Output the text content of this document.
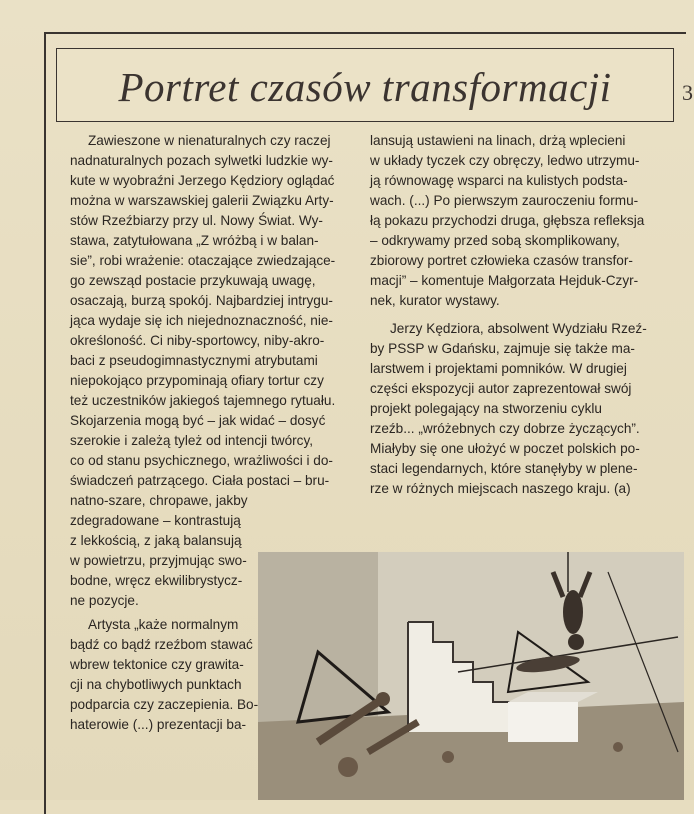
Portret czasów transformacji	3
Zawieszone w nienaturalnych czy raczej
nadnaturalnych pozach sylwetki ludzkie wy-
kute w wyobraźni Jerzego Kędziory oglądać
można w warszawskiej galerii Związku Arty-
stów Rzeźbiarzy przy ul. Nowy Świat. Wy-
stawa, zatytułowana „Z wróżbą i w balan-
sie”, robi wrażenie: otaczające zwiedzające-
go zewsząd postacie przykuwają uwagę,
osaczają, burzą spokój. Najbardziej intrygu-
jąca wydaje się ich niejednoznaczność, nie-
określoność. Ci niby-sportowcy, niby-akro-
baci z pseudogimnastycznymi atrybutami
niepokojąco przypominają ofiary tortur czy
też uczestników jakiegoś tajemnego rytuału.
Skojarzenia mogą być – jak widać – dosyć
szerokie i zależą tyleż od intencji twórcy,
co od stanu psychicznego, wrażliwości i do-
świadczeń patrzącego. Ciała postaci – bru-
natno-szare, chropawe, jakby
zdegradowane – kontrastują
z lekkością, z jaką balansują
w powietrzu, przyjmując swo-
bodne, wręcz ekwilibrystycz-
ne pozycje.
Artysta „każe normalnym
bądź co bądź rzeźbom stawać
wbrew tektonice czy grawita-
cji na chybotliwych punktach
podparcia czy zaczepienia. Bo-
haterowie (...) prezentacji ba-
lansują ustawieni na linach, drżą wplecieni
w układy tyczek czy obręczy, ledwo utrzymu-
ją równowagę wsparci na kulistych podsta-
wach. (...) Po pierwszym zauroczeniu formu-
łą pokazu przychodzi druga, głębsza refleksja
– odkrywamy przed sobą skomplikowany,
zbiorowy portret człowieka czasów transfor-
macji” – komentuje Małgorzata Hejduk-Czyr-
nek, kurator wystawy.
Jerzy Kędziora, absolwent Wydziału Rzeź-
by PSSP w Gdańsku, zajmuje się także ma-
larstwem i projektami pomników. W drugiej
części ekspozycji autor zaprezentował swój
projekt polegający na stworzeniu cyklu
rzeźb... „wróżebnych czy dobrze życzących”.
Miałyby się one ułożyć w poczet polskich po-
staci legendarnych, które stanęłyby w plene-
rze w różnych miejscach naszego kraju. (a)
